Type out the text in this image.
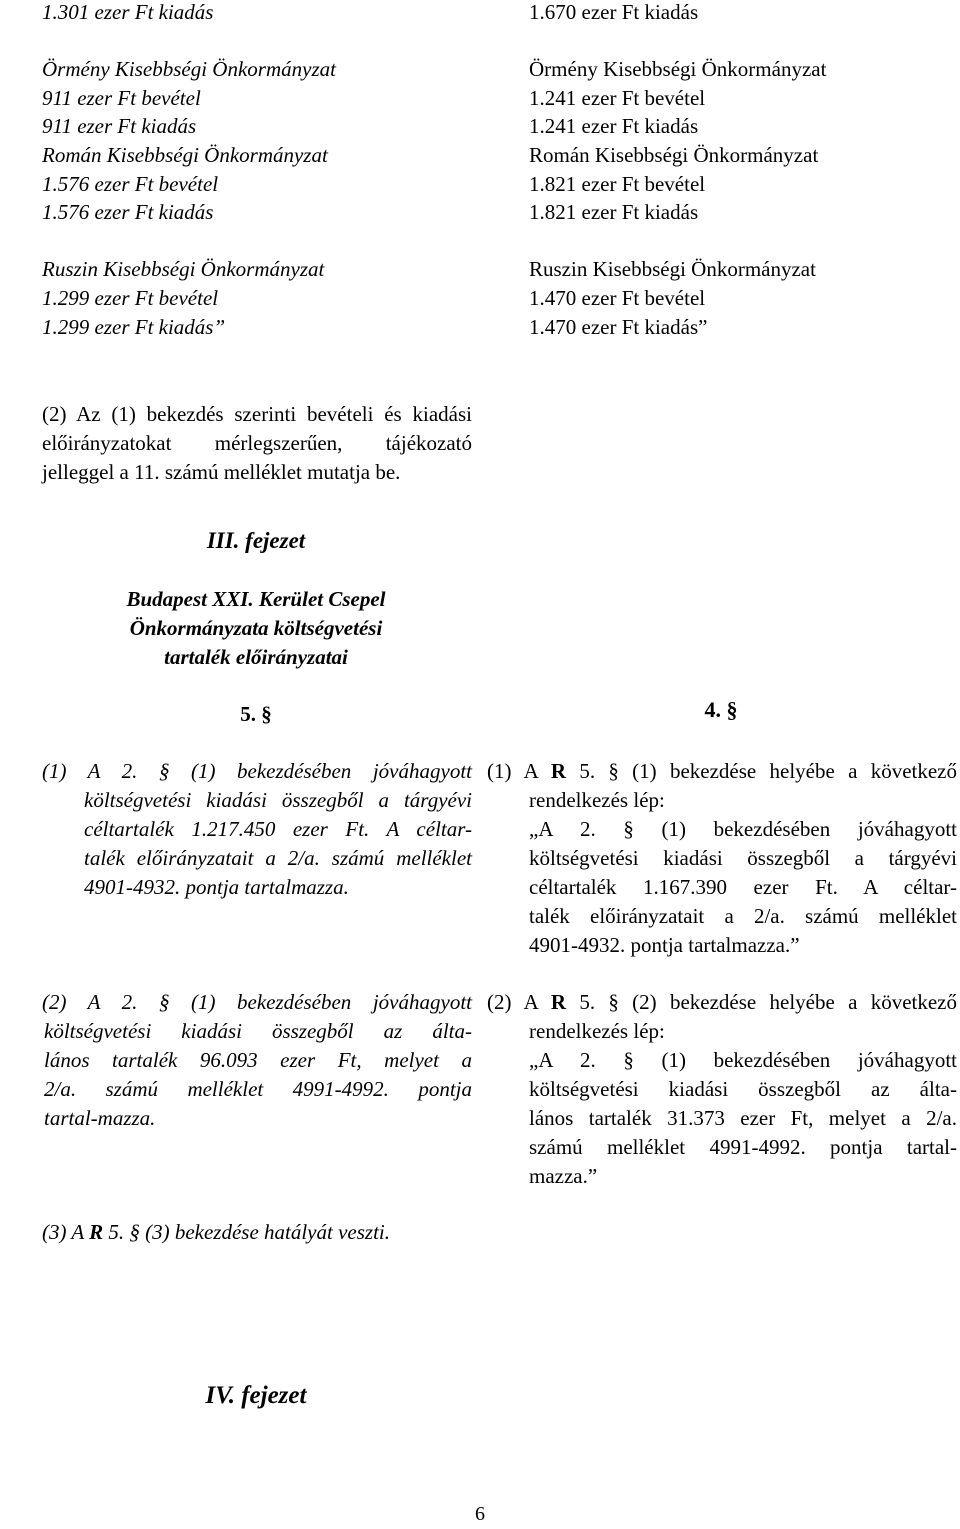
1.301 ezer Ft kiadás
Örmény Kisebbségi Önkormányzat
911 ezer Ft bevétel
911 ezer Ft kiadás
Román Kisebbségi Önkormányzat
1.576 ezer Ft bevétel
1.576 ezer Ft kiadás
Ruszin Kisebbségi Önkormányzat
1.299 ezer Ft bevétel
1.299 ezer Ft kiadás”
1.670 ezer Ft kiadás
Örmény Kisebbségi Önkormányzat
1.241 ezer Ft bevétel
1.241 ezer Ft kiadás
Román Kisebbségi Önkormányzat
1.821 ezer Ft bevétel
1.821 ezer Ft kiadás
Ruszin Kisebbségi Önkormányzat
1.470 ezer Ft bevétel
1.470 ezer Ft kiadás”
(2) Az (1) bekezdés szerinti bevételi és kiadási
előirányzatokat mérlegszerűen, tájékozató
jelleggel a 11. számú melléklet mutatja be.
III. fejezet
Budapest XXI. Kerület Csepel
Önkormányzata költségvetési
tartalék előirányzatai
5. §	4. §
(1) A 2. § (1) bekezdésében jóváhagyott
költségvetési kiadási összegből a tárgyévi
céltartalék 1.217.450 ezer Ft. A céltar-
talék előirányzatait a 2/a. számú melléklet
4901-4932. pontja tartalmazza.
(2) A 2. § (1) bekezdésében jóváhagyott
költségvetési kiadási összegből az álta-
lános tartalék 96.093 ezer Ft, melyet a
2/a. számú melléklet 4991-4992. pontja
tartal-mazza.
(3) A R 5. § (3) bekezdése hatályát veszti.
(1) A R 5. § (1) bekezdése helyébe a következő
rendelkezés lép:
„A 2. § (1) bekezdésében jóváhagyott
költségvetési kiadási összegből a tárgyévi
céltartalék 1.167.390 ezer Ft. A céltar-
talék előirányzatait a 2/a. számú melléklet
4901-4932. pontja tartalmazza.”
(2) A R 5. § (2) bekezdése helyébe a következő
rendelkezés lép:
„A 2. § (1) bekezdésében jóváhagyott
költségvetési kiadási összegből az álta-
lános tartalék 31.373 ezer Ft, melyet a 2/a.
számú melléklet 4991-4992. pontja tartal-
mazza.”
IV. fejezet
6
